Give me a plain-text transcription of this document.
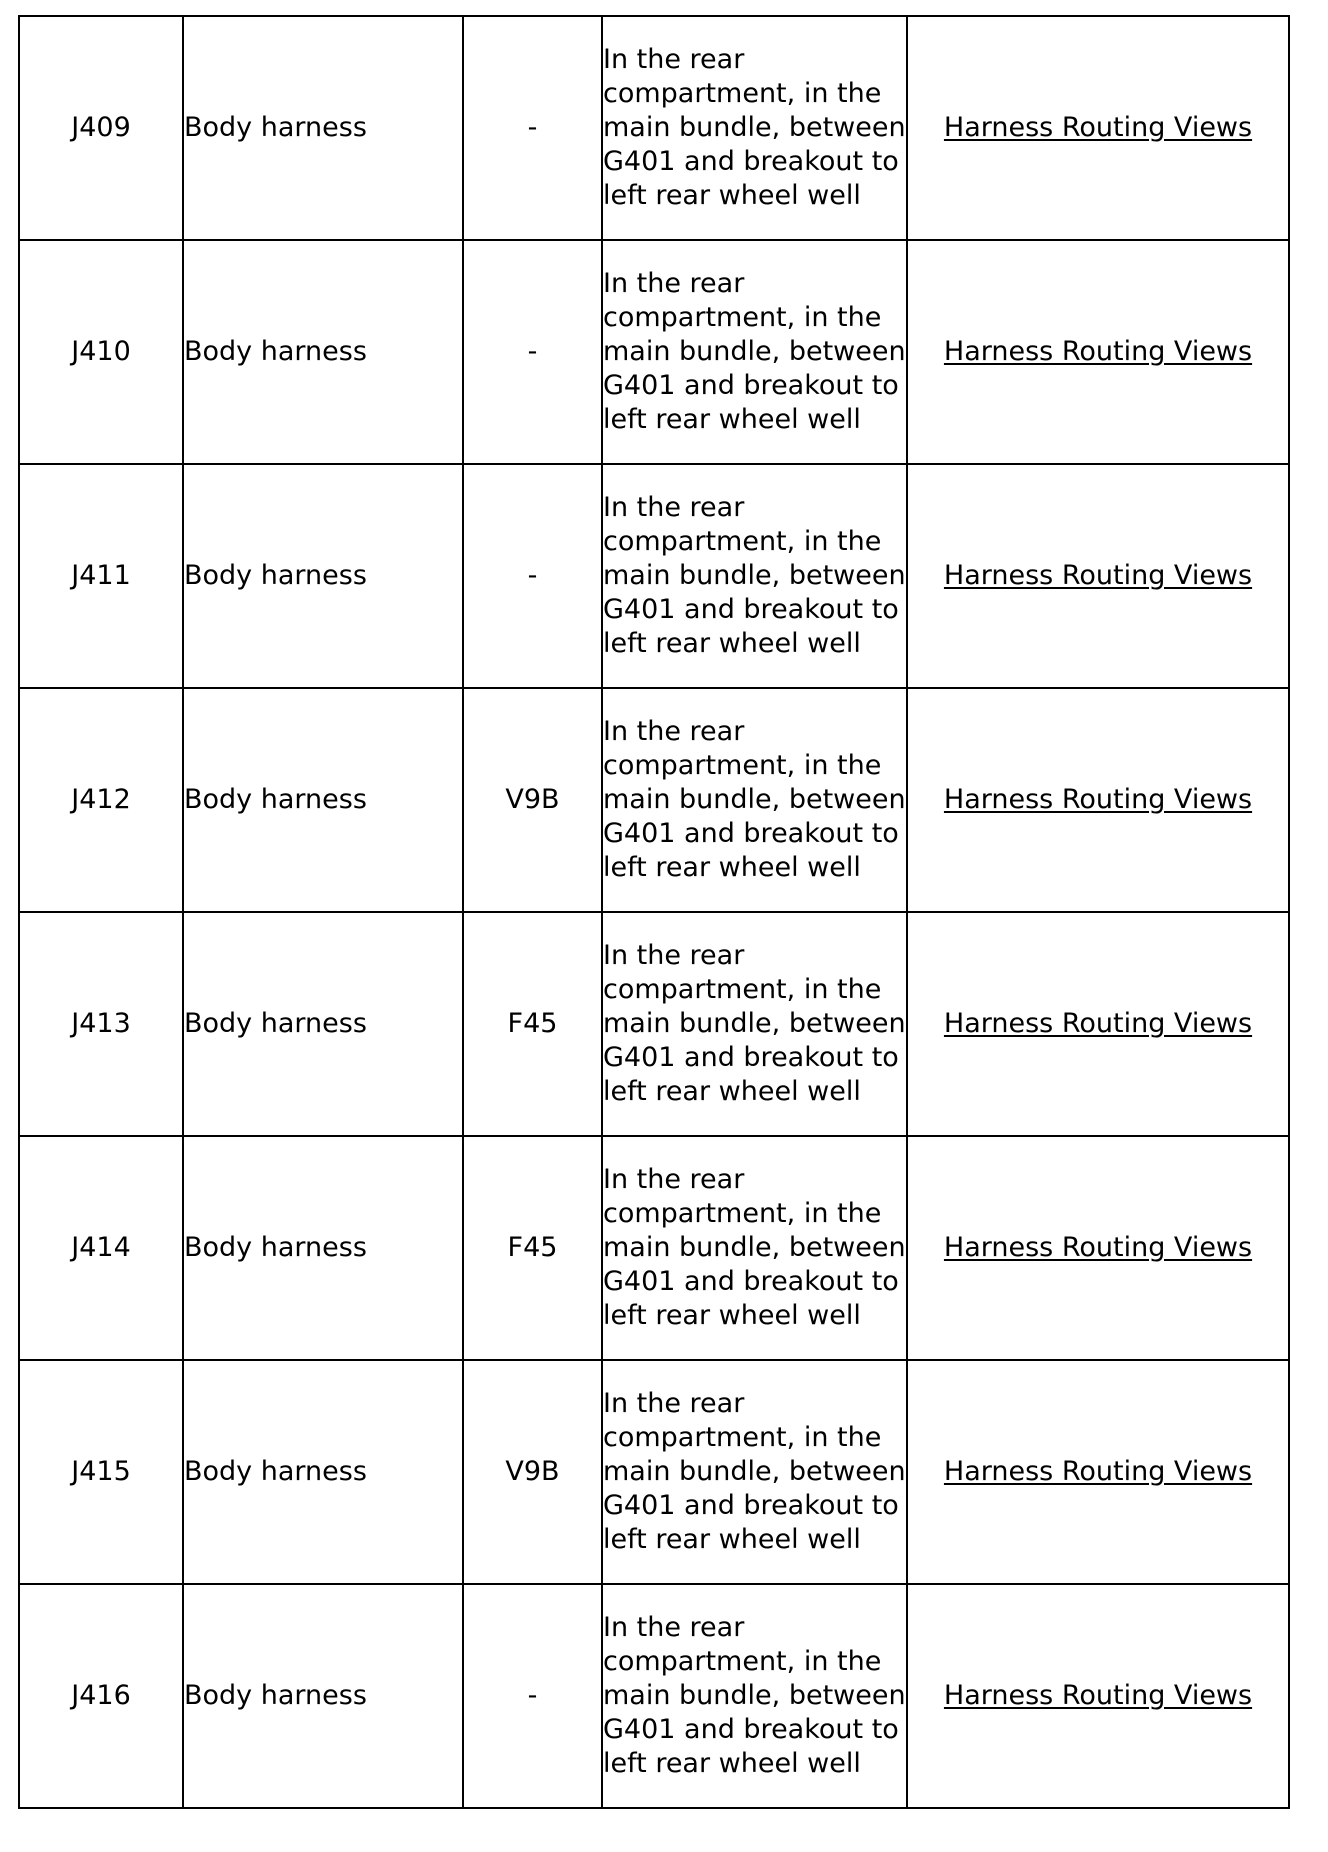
J409	Body harness	-	In the rear compartment, in the main bundle, between G401 and breakout to left rear wheel well	Harness Routing Views
J410	Body harness	-	In the rear compartment, in the main bundle, between G401 and breakout to left rear wheel well	Harness Routing Views
J411	Body harness	-	In the rear compartment, in the main bundle, between G401 and breakout to left rear wheel well	Harness Routing Views
J412	Body harness	V9B	In the rear compartment, in the main bundle, between G401 and breakout to left rear wheel well	Harness Routing Views
J413	Body harness	F45	In the rear compartment, in the main bundle, between G401 and breakout to left rear wheel well	Harness Routing Views
J414	Body harness	F45	In the rear compartment, in the main bundle, between G401 and breakout to left rear wheel well	Harness Routing Views
J415	Body harness	V9B	In the rear compartment, in the main bundle, between G401 and breakout to left rear wheel well	Harness Routing Views
J416	Body harness	-	In the rear compartment, in the main bundle, between G401 and breakout to left rear wheel well	Harness Routing Views
